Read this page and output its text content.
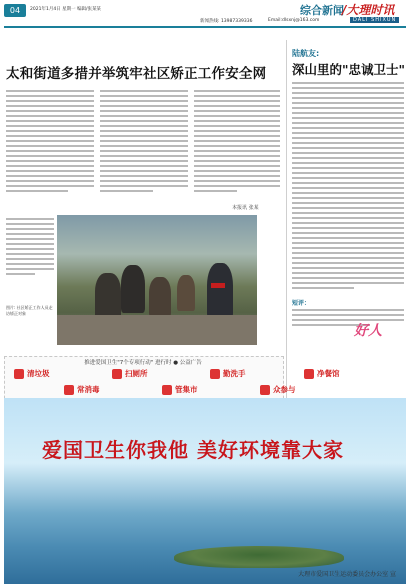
04	2021年1月4日 星期一 编辑/张某某	综合新闻
/大理时讯
DALI SHIXUN
新闻热线: 13987339336	Email:dlsxnj@163.com
太和街道多措并举筑牢社区矫正工作安全网
本报讯 张某
图片: 社区矫正工作人员走访矫正对象
陆航友:
深山里的"忠诚卫士"
短评：
好人
推进爱国卫生"7个专项行动" 进行时 ● 公益广告
清垃圾	扫厕所	勤洗手	净餐馆
常消毒	管集市	众参与
爱国卫生你我他 美好环境靠大家
大理市爱国卫生运动委员会办公室 宣
